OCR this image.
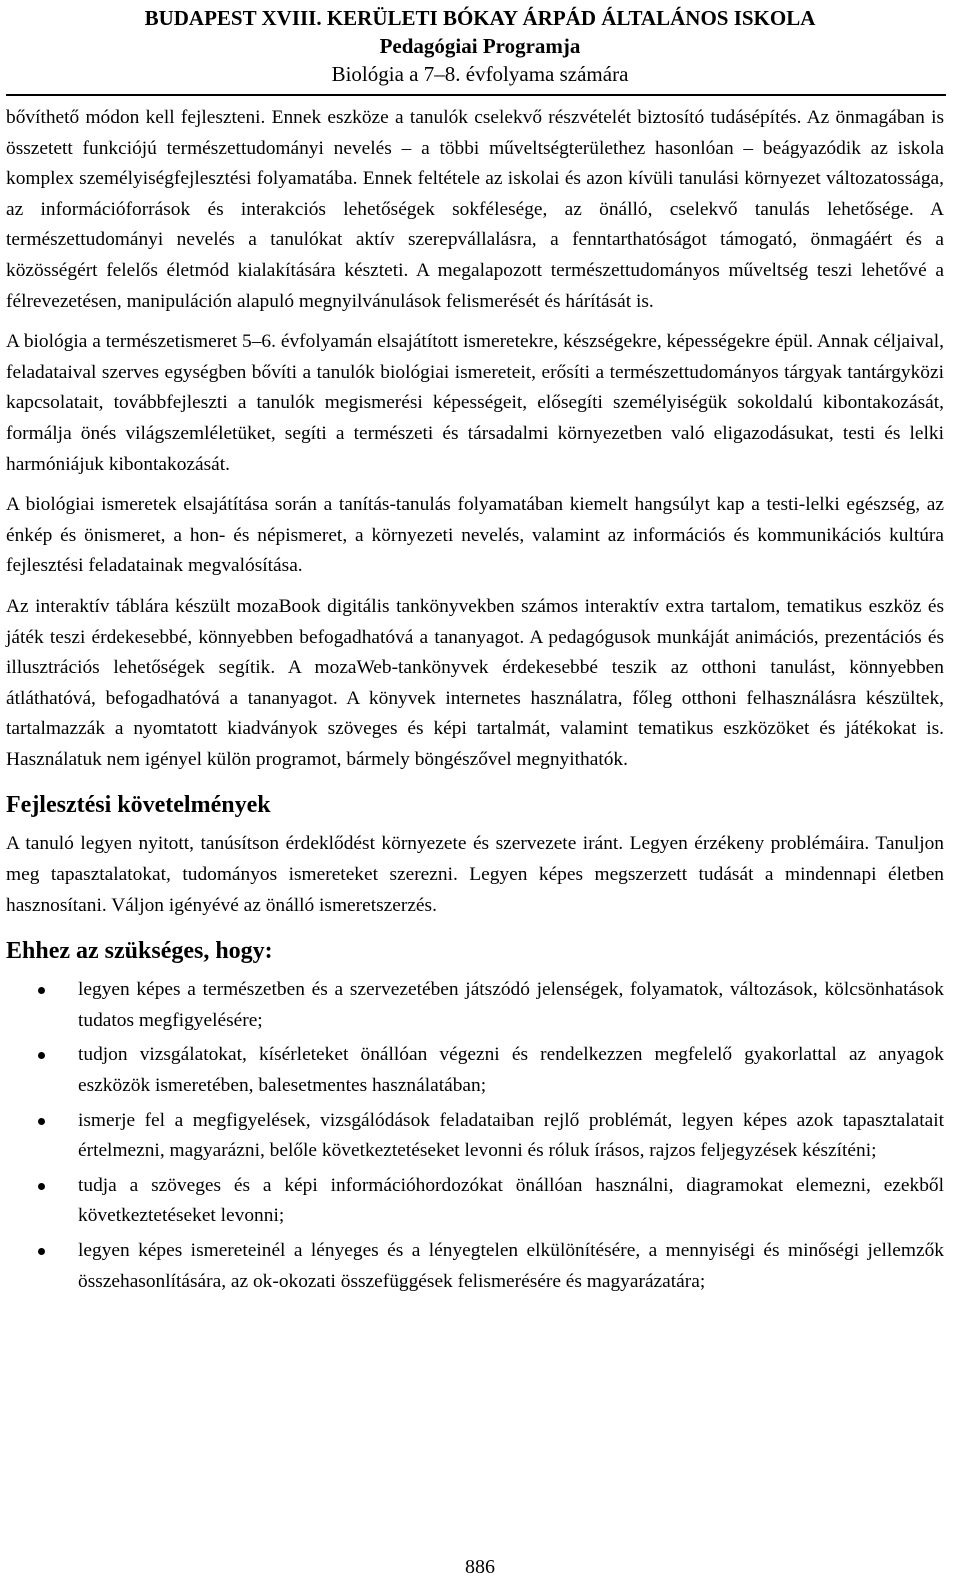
BUDAPEST XVIII. KERÜLETI BÓKAY ÁRPÁD ÁLTALÁNOS ISKOLA
Pedagógiai Programja
Biológia a 7–8. évfolyama számára

bővíthető módon kell fejleszteni. Ennek eszköze a tanulók cselekvő részvételét biztosító tudásépítés. Az önmagában is összetett funkciójú természettudományi nevelés – a többi műveltségterülethez hasonlóan – beágyazódik az iskola komplex személyiségfejlesztési folyamatába. Ennek feltétele az iskolai és azon kívüli tanulási környezet változatossága, az információforrások és interakciós lehetőségek sokfélesége, az önálló, cselekvő tanulás lehetősége. A természettudományi nevelés a tanulókat aktív szerepvállalásra, a fenntarthatóságot támogató, önmagáért és a közösségért felelős életmód kialakítására készteti. A megalapozott természettudományos műveltség teszi lehetővé a félrevezetésen, manipuláción alapuló megnyilvánulások felismerését és hárítását is.

A biológia a természetismeret 5–6. évfolyamán elsajátított ismeretekre, készségekre, képességekre épül. Annak céljaival, feladataival szerves egységben bővíti a tanulók biológiai ismereteit, erősíti a természettudományos tárgyak tantárgyközi kapcsolatait, továbbfejleszti a tanulók megismerési képességeit, elősegíti személyiségük sokoldalú kibontakozását, formálja önés világszemléletüket, segíti a természeti és társadalmi környezetben való eligazodásukat, testi és lelki harmóniájuk kibontakozását.

A biológiai ismeretek elsajátítása során a tanítás-tanulás folyamatában kiemelt hangsúlyt kap a testi-lelki egészség, az énkép és önismeret, a hon- és népismeret, a környezeti nevelés, valamint az információs és kommunikációs kultúra fejlesztési feladatainak megvalósítása.

Az interaktív táblára készült mozaBook digitális tankönyvekben számos interaktív extra tartalom, tematikus eszköz és játék teszi érdekesebbé, könnyebben befogadhatóvá a tananyagot. A pedagógusok munkáját animációs, prezentációs és illusztrációs lehetőségek segítik. A mozaWeb-tankönyvek érdekesebbé teszik az otthoni tanulást, könnyebben átláthatóvá, befogadhatóvá a tananyagot. A könyvek internetes használatra, főleg otthoni felhasználásra készültek, tartalmazzák a nyomtatott kiadványok szöveges és képi tartalmát, valamint tematikus eszközöket és játékokat is. Használatuk nem igényel külön programot, bármely böngészővel megnyithatók.

Fejlesztési követelmények

A tanuló legyen nyitott, tanúsítson érdeklődést környezete és szervezete iránt. Legyen érzékeny problémáira. Tanuljon meg tapasztalatokat, tudományos ismereteket szerezni. Legyen képes megszerzett tudását a mindennapi életben hasznosítani. Váljon igényévé az önálló ismeretszerzés.

Ehhez az szükséges, hogy:
legyen képes a természetben és a szervezetében játszódó jelenségek, folyamatok, változások, kölcsönhatások tudatos megfigyelésére;
tudjon vizsgálatokat, kísérleteket önállóan végezni és rendelkezzen megfelelő gyakorlattal az anyagok eszközök ismeretében, balesetmentes használatában;
ismerje fel a megfigyelések, vizsgálódások feladataiban rejlő problémát, legyen képes azok tapasztalatait értelmezni, magyarázni, belőle következtetéseket levonni és róluk írásos, rajzos feljegyzések készíténi;
tudja a szöveges és a képi információhordozókat önállóan használni, diagramokat elemezni, ezekből következtetéseket levonni;
legyen képes ismereteinél a lényeges és a lényegtelen elkülönítésére, a mennyiségi és minőségi jellemzők összehasonlítására, az ok-okozati összefüggések felismerésére és magyarázatára;
886
